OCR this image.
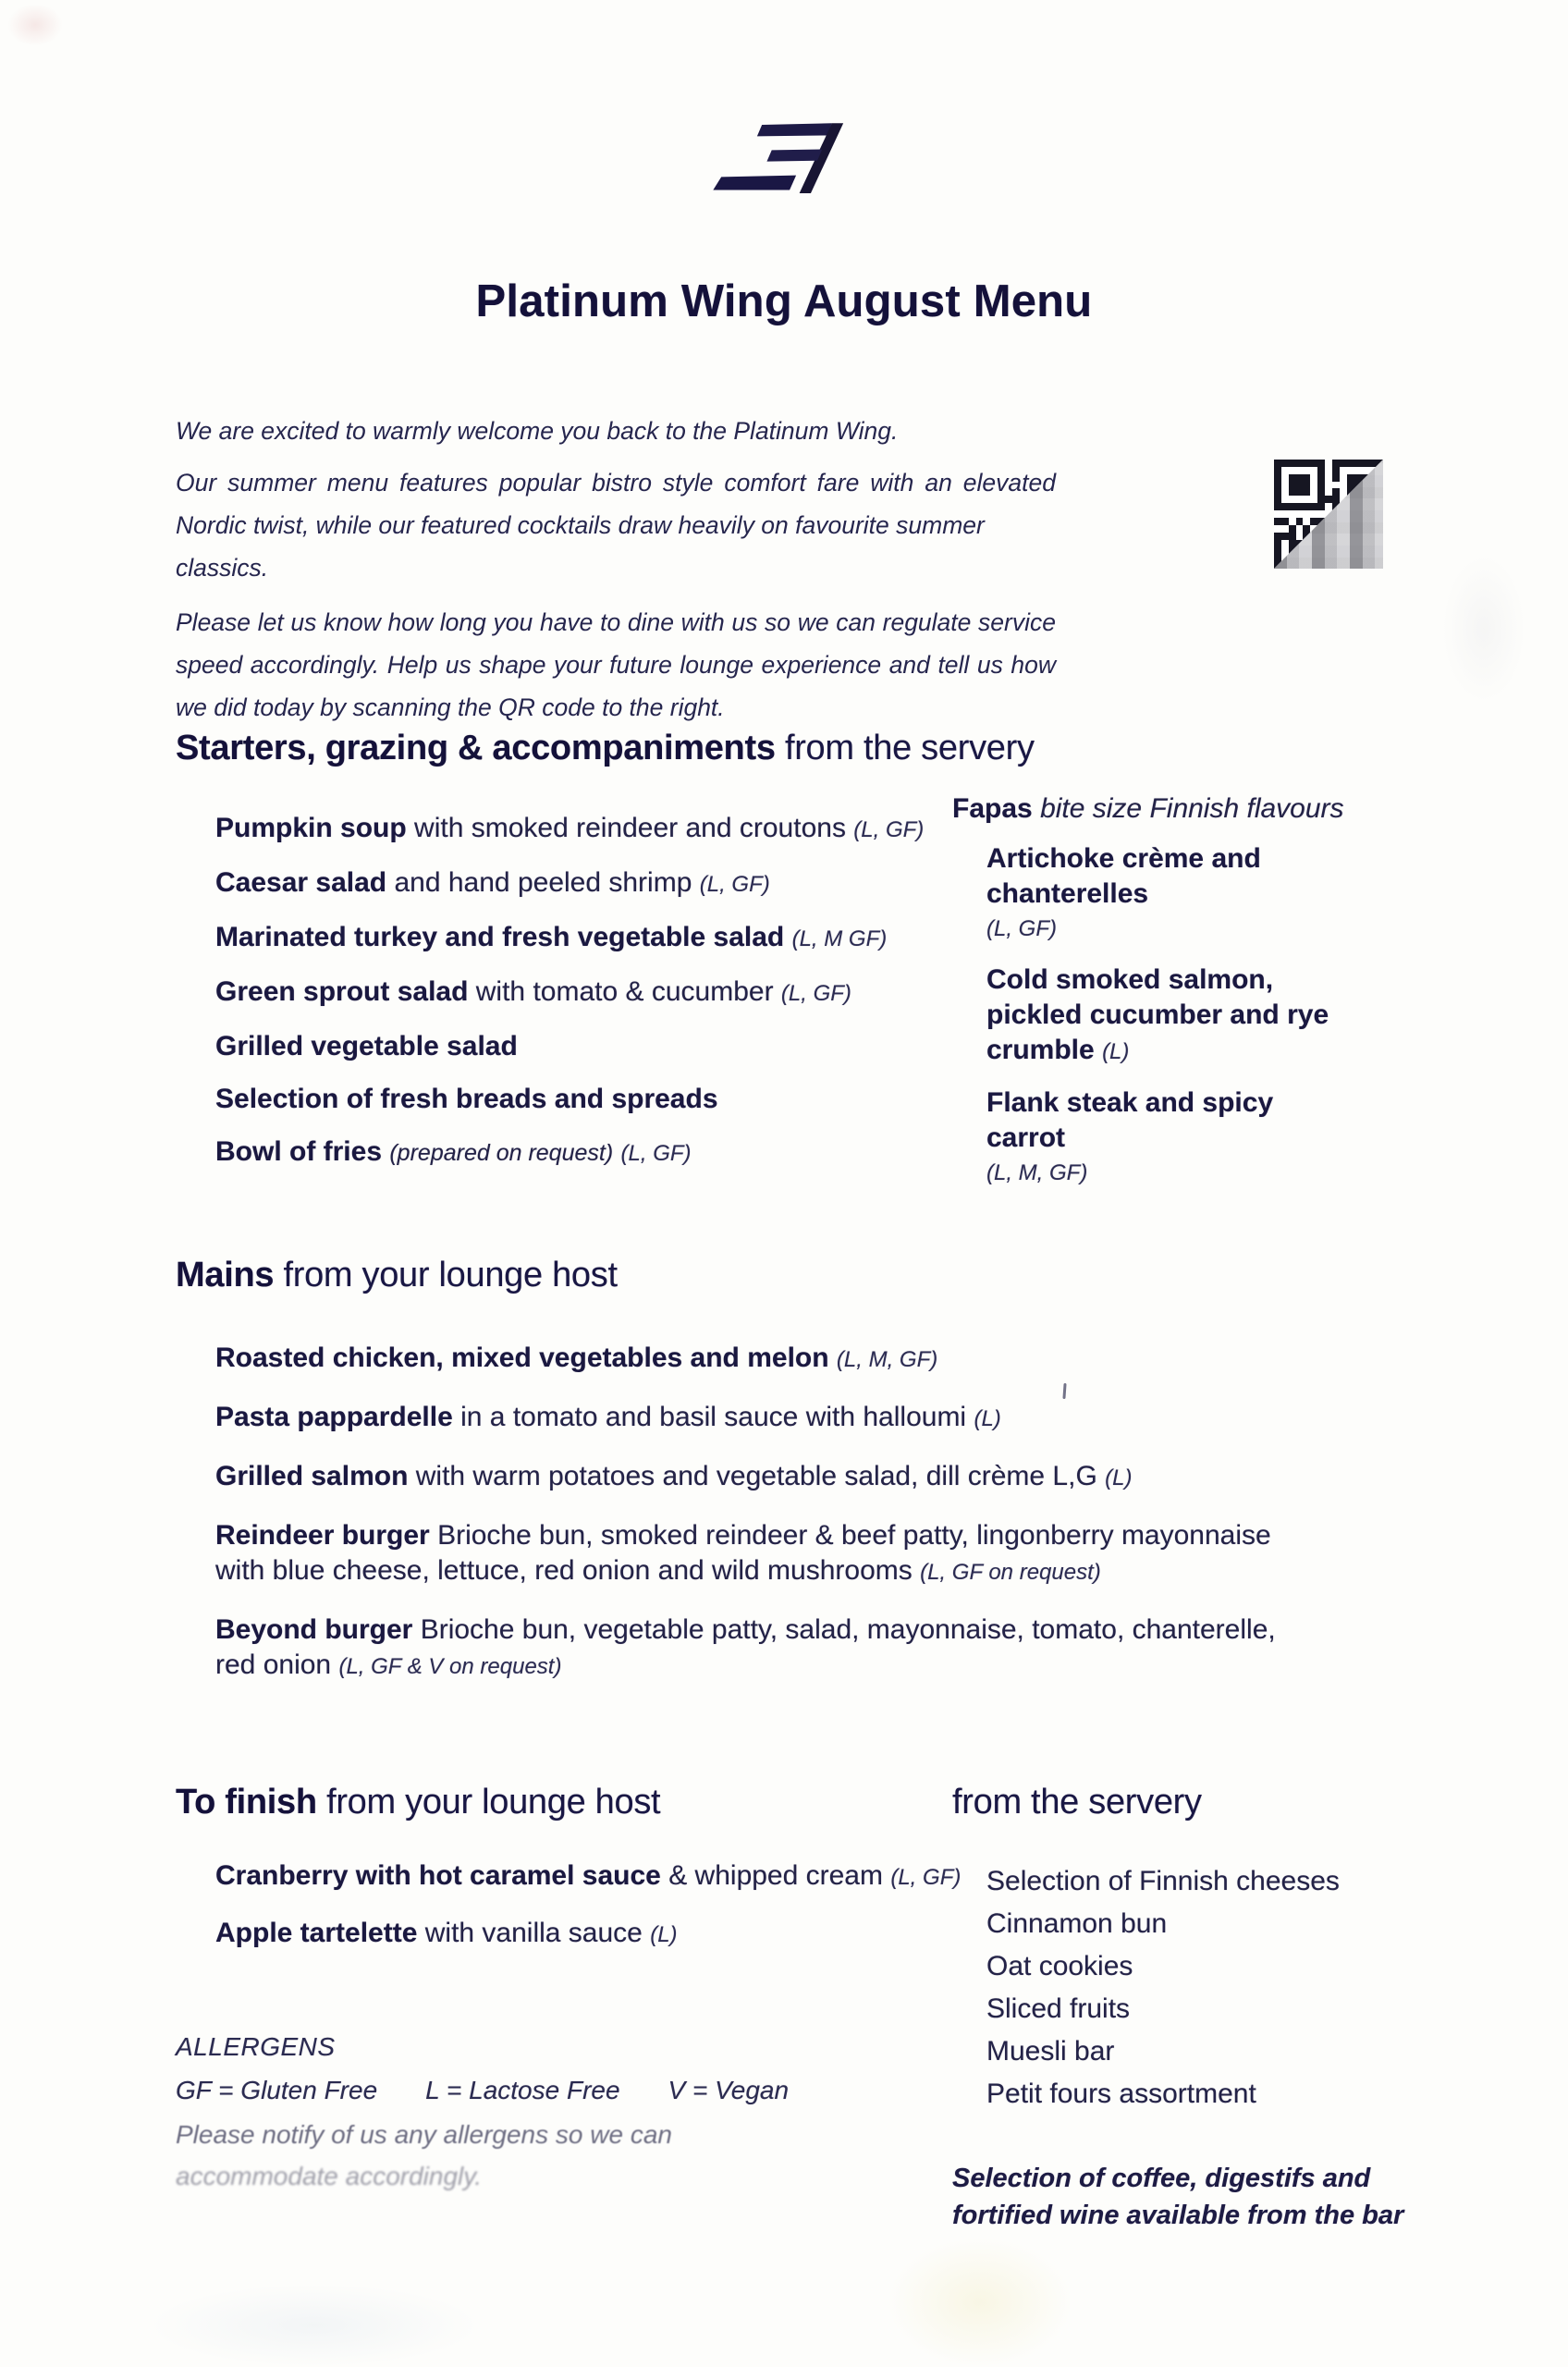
Platinum Wing August Menu

We are excited to warmly welcome you back to the Platinum Wing.

Our summer menu features popular bistro style comfort fare with an elevated
Nordic twist, while our featured cocktails draw heavily on favourite summer classics.

Please let us know how long you have to dine with us so we can regulate service
speed accordingly. Help us shape your future lounge experience and tell us how
we did today by scanning the QR code to the right.

Starters, grazing & accompaniments from the servery
Pumpkin soup with smoked reindeer and croutons (L, GF)
Caesar salad and hand peeled shrimp (L, GF)
Marinated turkey and fresh vegetable salad (L, M GF)
Green sprout salad with tomato & cucumber (L, GF)
Grilled vegetable salad
Selection of fresh breads and spreads
Bowl of fries (prepared on request) (L, GF)
Fapas bite size Finnish flavours
Artichoke crème and chanterelles
(L, GF)
Cold smoked salmon, pickled cucumber and rye crumble (L)
Flank steak and spicy carrot
(L, M, GF)
Mains from your lounge host
Roasted chicken, mixed vegetables and melon (L, M, GF)
Pasta pappardelle in a tomato and basil sauce with halloumi (L)
Grilled salmon with warm potatoes and vegetable salad, dill crème L,G (L)
Reindeer burger Brioche bun, smoked reindeer & beef patty, lingonberry mayonnaise with blue cheese, lettuce, red onion and wild mushrooms (L, GF on request)
Beyond burger Brioche bun, vegetable patty, salad, mayonnaise, tomato, chanterelle, red onion (L, GF & V on request)
To finish from your lounge host
Cranberry with hot caramel sauce & whipped cream (L, GF)
Apple tartelette with vanilla sauce (L)
from the servery
Selection of Finnish cheeses
Cinnamon bun
Oat cookies
Sliced fruits
Muesli bar
Petit fours assortment
ALLERGENS
GF = Gluten Free L = Lactose Free V = Vegan
Please notify of us any allergens so we can
accommodate accordingly.	Selection of coffee, digestifs and
fortified wine available from the bar
